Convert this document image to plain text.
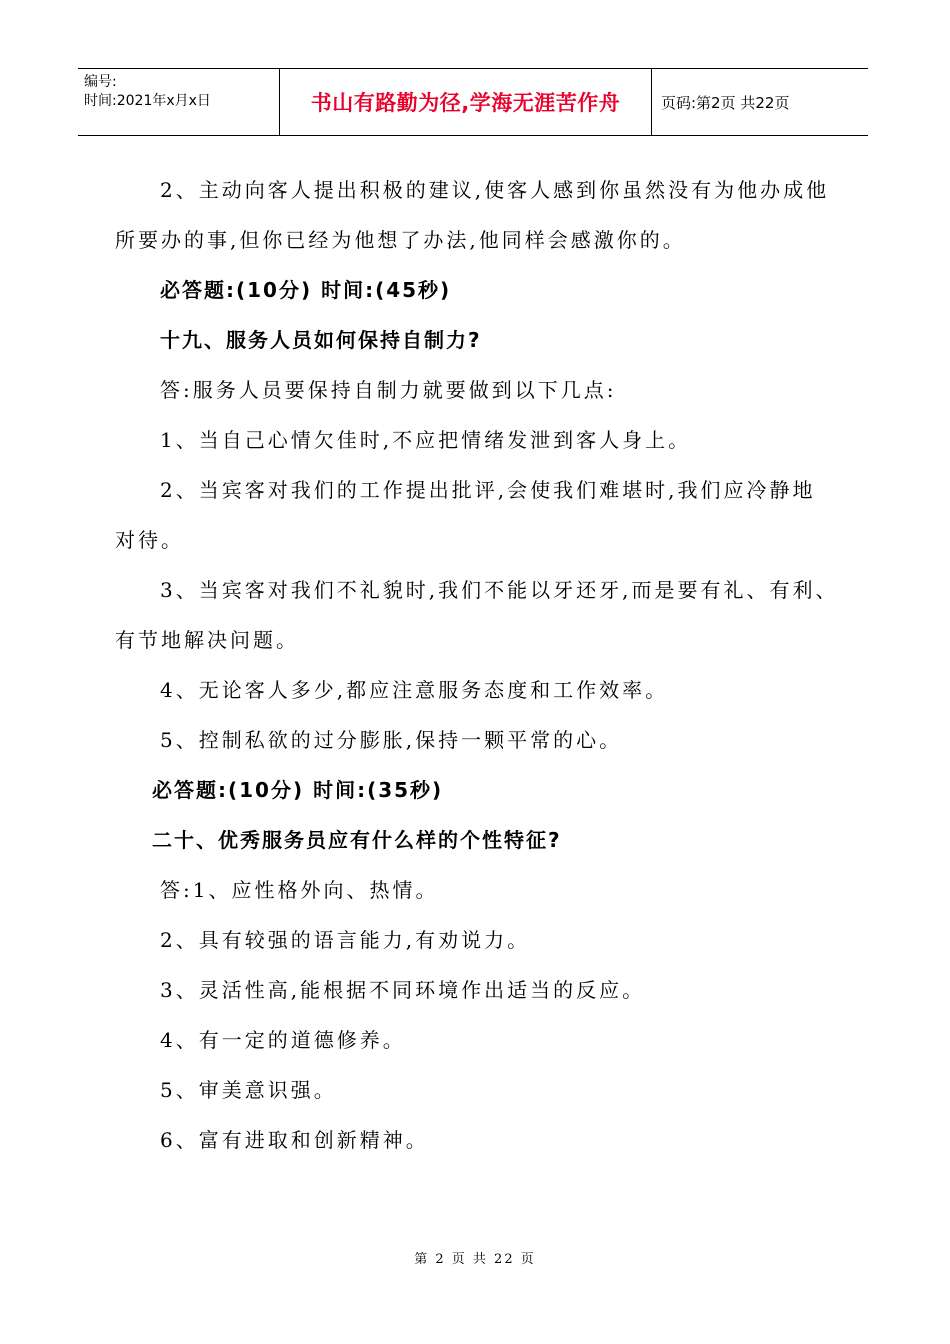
编号:
时间:2021年x月x日	书山有路勤为径,学海无涯苦作舟	页码:第2页 共22页
2、主动向客人提出积极的建议,使客人感到你虽然没有为他办成他
所要办的事,但你已经为他想了办法,他同样会感激你的。
必答题:(10分) 时间:(45秒)
十九、服务人员如何保持自制力?
答:服务人员要保持自制力就要做到以下几点:
1、当自己心情欠佳时,不应把情绪发泄到客人身上。
2、当宾客对我们的工作提出批评,会使我们难堪时,我们应冷静地
对待。
3、当宾客对我们不礼貌时,我们不能以牙还牙,而是要有礼、有利、
有节地解决问题。
4、无论客人多少,都应注意服务态度和工作效率。
5、控制私欲的过分膨胀,保持一颗平常的心。
必答题:(10分) 时间:(35秒)
二十、优秀服务员应有什么样的个性特征?
答:1、应性格外向、热情。
2、具有较强的语言能力,有劝说力。
3、灵活性高,能根据不同环境作出适当的反应。
4、有一定的道德修养。
5、审美意识强。
6、富有进取和创新精神。
第 2 页 共 22 页
